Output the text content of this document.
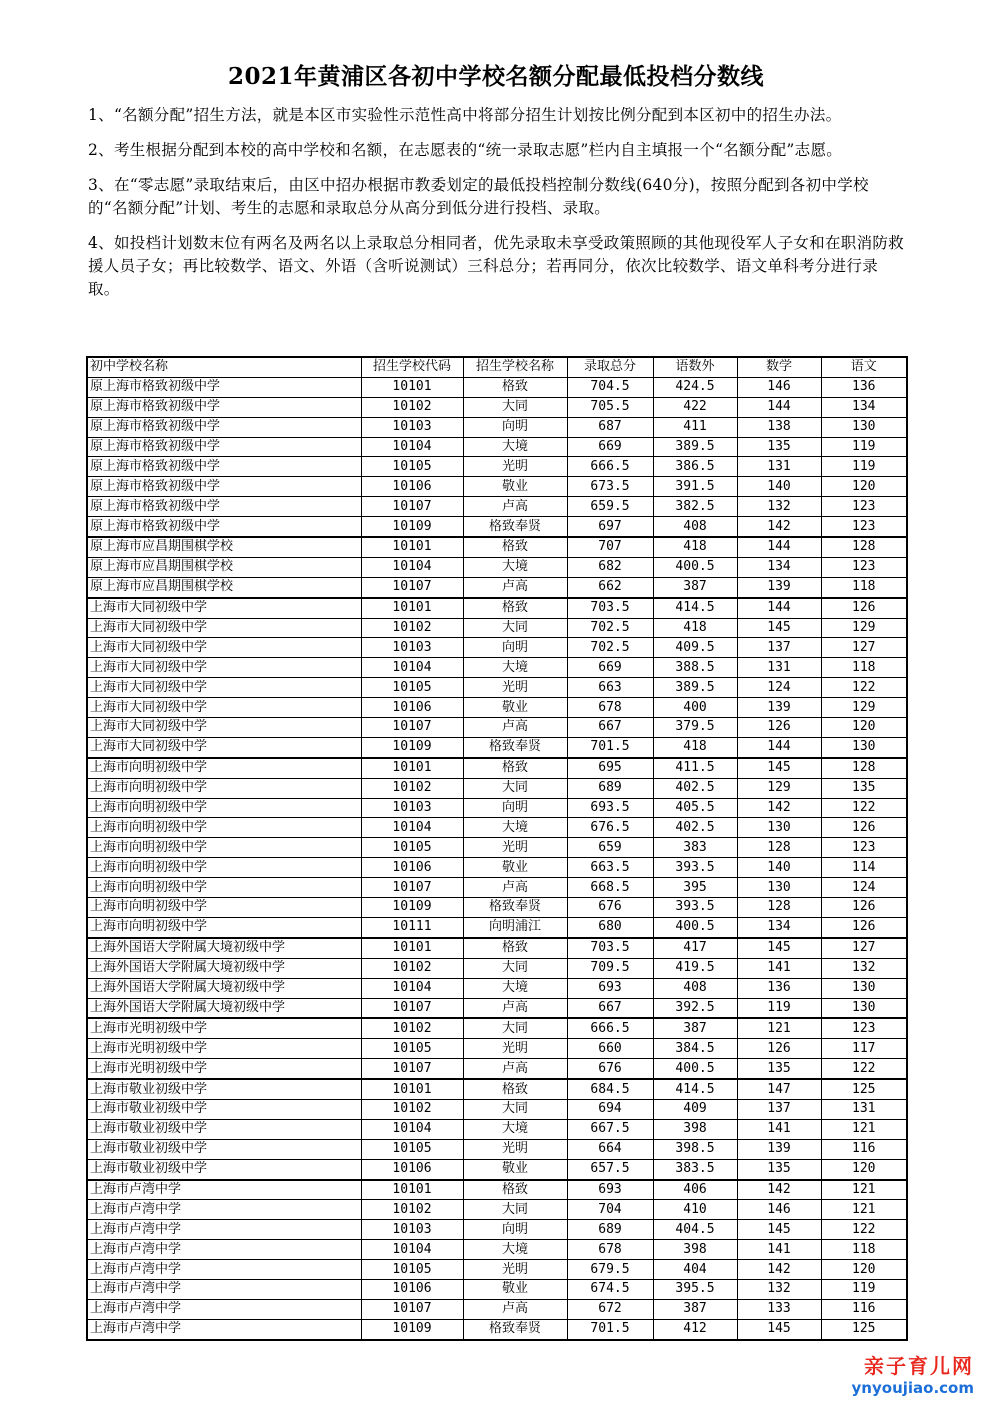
2021年黄浦区各初中学校名额分配最低投档分数线

1、“名额分配”招生方法，就是本区市实验性示范性高中将部分招生计划按比例分配到本区初中的招生办法。

2、考生根据分配到本校的高中学校和名额，在志愿表的“统一录取志愿”栏内自主填报一个“名额分配”志愿。

3、在“零志愿”录取结束后，由区中招办根据市教委划定的最低投档控制分数线(640分)，按照分配到各初中学校的“名额分配”计划、考生的志愿和录取总分从高分到低分进行投档、录取。

4、如投档计划数末位有两名及两名以上录取总分相同者，优先录取未享受政策照顾的其他现役军人子女和在职消防救援人员子女；再比较数学、语文、外语（含听说测试）三科总分；若再同分，依次比较数学、语文单科考分进行录取。

初中学校名称	招生学校代码	招生学校名称	录取总分	语数外	数学	语文
原上海市格致初级中学	10101	格致	704.5	424.5	146	136
原上海市格致初级中学	10102	大同	705.5	422	144	134
原上海市格致初级中学	10103	向明	687	411	138	130
原上海市格致初级中学	10104	大境	669	389.5	135	119
原上海市格致初级中学	10105	光明	666.5	386.5	131	119
原上海市格致初级中学	10106	敬业	673.5	391.5	140	120
原上海市格致初级中学	10107	卢高	659.5	382.5	132	123
原上海市格致初级中学	10109	格致奉贤	697	408	142	123
原上海市应昌期围棋学校	10101	格致	707	418	144	128
原上海市应昌期围棋学校	10104	大境	682	400.5	134	123
原上海市应昌期围棋学校	10107	卢高	662	387	139	118
上海市大同初级中学	10101	格致	703.5	414.5	144	126
上海市大同初级中学	10102	大同	702.5	418	145	129
上海市大同初级中学	10103	向明	702.5	409.5	137	127
上海市大同初级中学	10104	大境	669	388.5	131	118
上海市大同初级中学	10105	光明	663	389.5	124	122
上海市大同初级中学	10106	敬业	678	400	139	129
上海市大同初级中学	10107	卢高	667	379.5	126	120
上海市大同初级中学	10109	格致奉贤	701.5	418	144	130
上海市向明初级中学	10101	格致	695	411.5	145	128
上海市向明初级中学	10102	大同	689	402.5	129	135
上海市向明初级中学	10103	向明	693.5	405.5	142	122
上海市向明初级中学	10104	大境	676.5	402.5	130	126
上海市向明初级中学	10105	光明	659	383	128	123
上海市向明初级中学	10106	敬业	663.5	393.5	140	114
上海市向明初级中学	10107	卢高	668.5	395	130	124
上海市向明初级中学	10109	格致奉贤	676	393.5	128	126
上海市向明初级中学	10111	向明浦江	680	400.5	134	126
上海外国语大学附属大境初级中学	10101	格致	703.5	417	145	127
上海外国语大学附属大境初级中学	10102	大同	709.5	419.5	141	132
上海外国语大学附属大境初级中学	10104	大境	693	408	136	130
上海外国语大学附属大境初级中学	10107	卢高	667	392.5	119	130
上海市光明初级中学	10102	大同	666.5	387	121	123
上海市光明初级中学	10105	光明	660	384.5	126	117
上海市光明初级中学	10107	卢高	676	400.5	135	122
上海市敬业初级中学	10101	格致	684.5	414.5	147	125
上海市敬业初级中学	10102	大同	694	409	137	131
上海市敬业初级中学	10104	大境	667.5	398	141	121
上海市敬业初级中学	10105	光明	664	398.5	139	116
上海市敬业初级中学	10106	敬业	657.5	383.5	135	120
上海市卢湾中学	10101	格致	693	406	142	121
上海市卢湾中学	10102	大同	704	410	146	121
上海市卢湾中学	10103	向明	689	404.5	145	122
上海市卢湾中学	10104	大境	678	398	141	118
上海市卢湾中学	10105	光明	679.5	404	142	120
上海市卢湾中学	10106	敬业	674.5	395.5	132	119
上海市卢湾中学	10107	卢高	672	387	133	116
上海市卢湾中学	10109	格致奉贤	701.5	412	145	125
亲子育儿网
ynyoujiao.com
